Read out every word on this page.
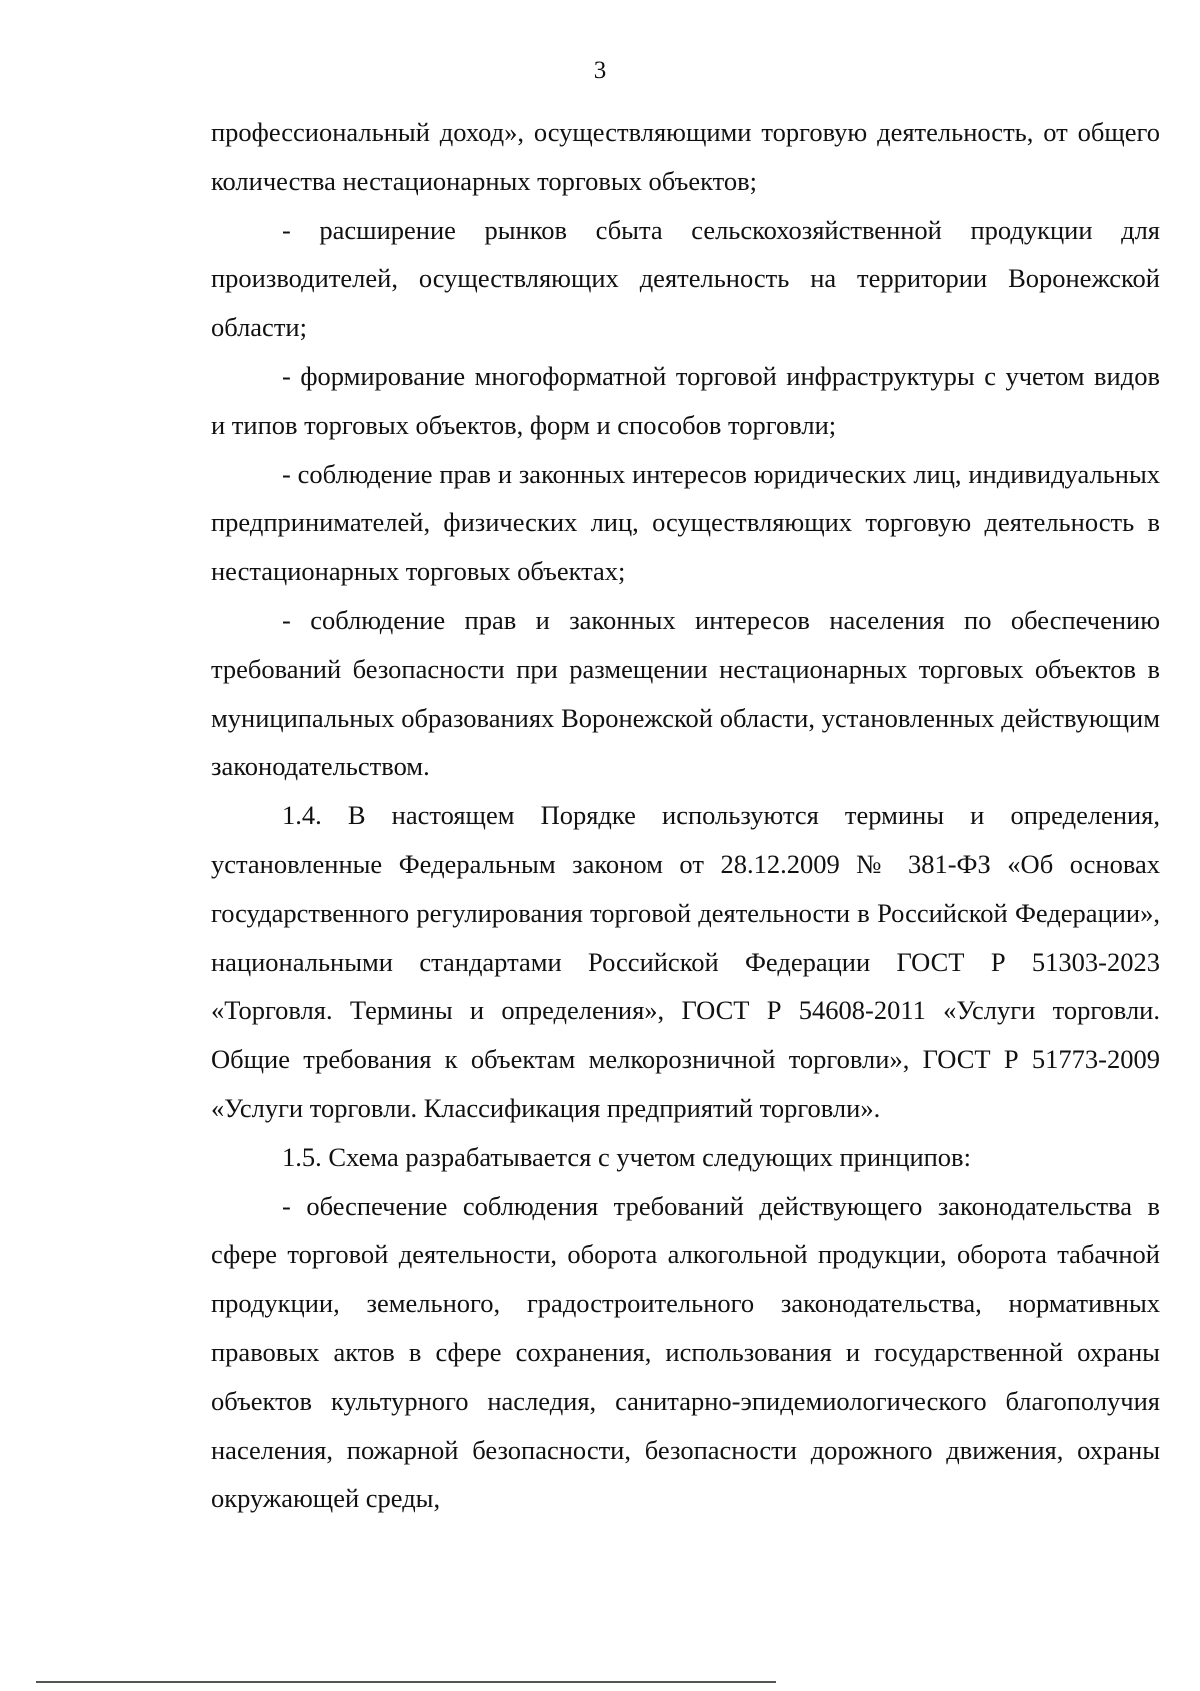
3

профессиональный доход», осуществляющими торговую деятельность, от общего количества нестационарных торговых объектов;

- расширение рынков сбыта сельскохозяйственной продукции для производителей, осуществляющих деятельность на территории Воронежской области;

- формирование многоформатной торговой инфраструктуры с учетом видов и типов торговых объектов, форм и способов торговли;

- соблюдение прав и законных интересов юридических лиц, индивидуальных предпринимателей, физических лиц, осуществляющих торговую деятельность в нестационарных торговых объектах;

- соблюдение прав и законных интересов населения по обеспечению требований безопасности при размещении нестационарных торговых объектов в муниципальных образованиях Воронежской области, установленных действующим законодательством.

1.4. В настоящем Порядке используются термины и определения, установленные Федеральным законом от 28.12.2009 № 381-ФЗ «Об основах государственного регулирования торговой деятельности в Российской Федерации», национальными стандартами Российской Федерации ГОСТ Р 51303-2023 «Торговля. Термины и определения», ГОСТ Р 54608-2011 «Услуги торговли. Общие требования к объектам мелкорозничной торговли», ГОСТ Р 51773-2009 «Услуги торговли. Классификация предприятий торговли».

1.5. Схема разрабатывается с учетом следующих принципов:

- обеспечение соблюдения требований действующего законодательства в сфере торговой деятельности, оборота алкогольной продукции, оборота табачной продукции, земельного, градостроительного законодательства, нормативных правовых актов в сфере сохранения, использования и государственной охраны объектов культурного наследия, санитарно-эпидемиологического благополучия населения, пожарной безопасности, безопасности дорожного движения, охраны окружающей среды,
